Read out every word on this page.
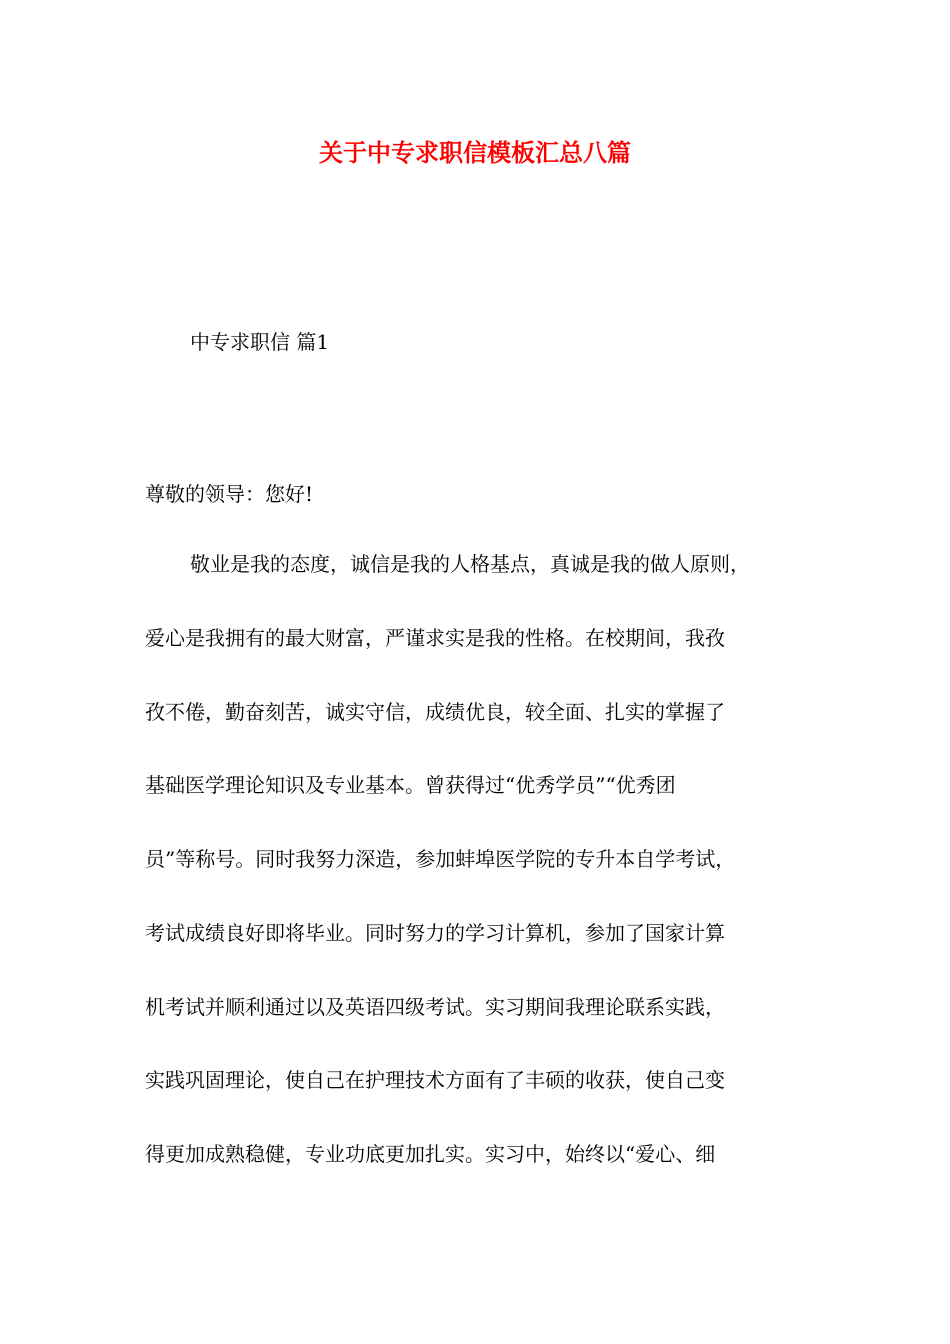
关于中专求职信模板汇总八篇
中专求职信 篇1
尊敬的领导：您好!
敬业是我的态度，诚信是我的人格基点，真诚是我的做人原则，
爱心是我拥有的最大财富，严谨求实是我的性格。在校期间，我孜
孜不倦，勤奋刻苦，诚实守信，成绩优良，较全面、扎实的掌握了
基础医学理论知识及专业基本。曾获得过“优秀学员”“优秀团
员”等称号。同时我努力深造，参加蚌埠医学院的专升本自学考试，
考试成绩良好即将毕业。同时努力的学习计算机，参加了国家计算
机考试并顺利通过以及英语四级考试。实习期间我理论联系实践，
实践巩固理论，使自己在护理技术方面有了丰硕的收获，使自己变
得更加成熟稳健，专业功底更加扎实。实习中，始终以“爱心、细
